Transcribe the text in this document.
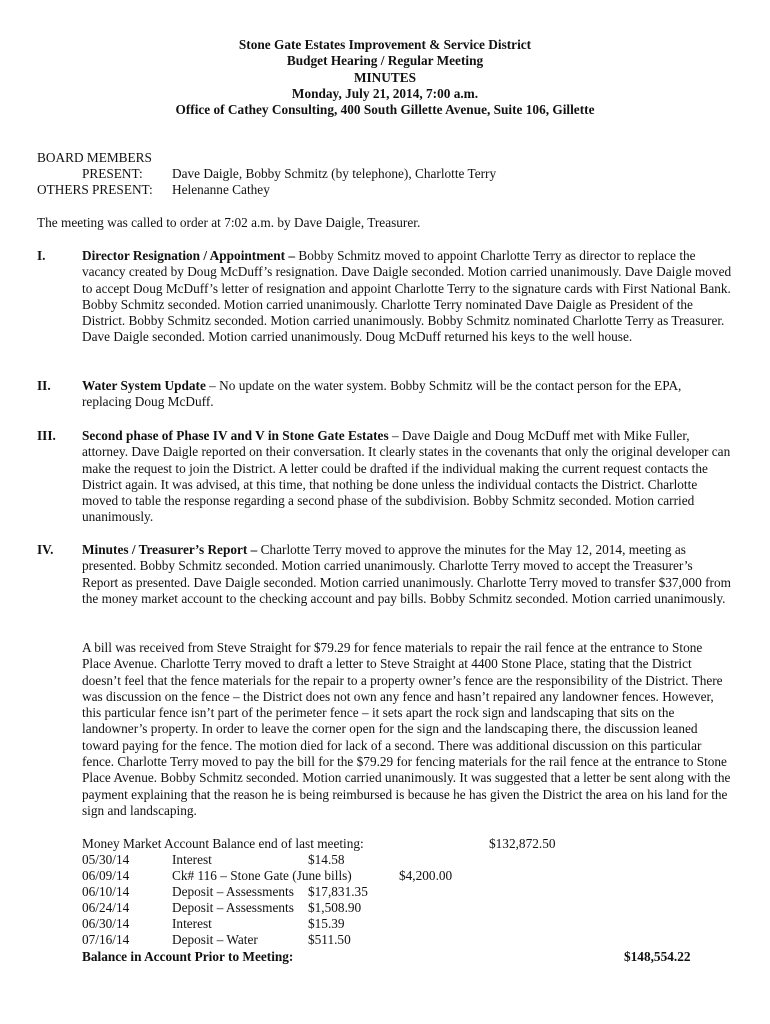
Stone Gate Estates Improvement & Service District
Budget Hearing / Regular Meeting
MINUTES
Monday, July 21, 2014, 7:00 a.m.
Office of Cathey Consulting, 400 South Gillette Avenue, Suite 106, Gillette
BOARD MEMBERS
PRESENT: Dave Daigle, Bobby Schmitz (by telephone), Charlotte Terry
OTHERS PRESENT: Helenanne Cathey
The meeting was called to order at 7:02 a.m. by Dave Daigle, Treasurer.
I.	Director Resignation / Appointment – Bobby Schmitz moved to appoint Charlotte Terry as director to replace the vacancy created by Doug McDuff’s resignation. Dave Daigle seconded. Motion carried unanimously. Dave Daigle moved to accept Doug McDuff’s letter of resignation and appoint Charlotte Terry to the signature cards with First National Bank. Bobby Schmitz seconded. Motion carried unanimously. Charlotte Terry nominated Dave Daigle as President of the District. Bobby Schmitz seconded. Motion carried unanimously. Bobby Schmitz nominated Charlotte Terry as Treasurer. Dave Daigle seconded. Motion carried unanimously. Doug McDuff returned his keys to the well house.

II. Water System Update – No update on the water system. Bobby Schmitz will be the contact person for the EPA, replacing Doug McDuff.

III. Second phase of Phase IV and V in Stone Gate Estates – Dave Daigle and Doug McDuff met with Mike Fuller, attorney. Dave Daigle reported on their conversation. It clearly states in the covenants that only the original developer can make the request to join the District. A letter could be drafted if the individual making the current request contacts the District again. It was advised, at this time, that nothing be done unless the individual contacts the District. Charlotte moved to table the response regarding a second phase of the subdivision. Bobby Schmitz seconded. Motion carried unanimously.

IV. Minutes / Treasurer’s Report – Charlotte Terry moved to approve the minutes for the May 12, 2014, meeting as presented. Bobby Schmitz seconded. Motion carried unanimously. Charlotte Terry moved to accept the Treasurer’s Report as presented. Dave Daigle seconded. Motion carried unanimously. Charlotte Terry moved to transfer $37,000 from the money market account to the checking account and pay bills. Bobby Schmitz seconded. Motion carried unanimously.

A bill was received from Steve Straight for $79.29 for fence materials to repair the rail fence at the entrance to Stone Place Avenue. Charlotte Terry moved to draft a letter to Steve Straight at 4400 Stone Place, stating that the District doesn’t feel that the fence materials for the repair to a property owner’s fence are the responsibility of the District. There was discussion on the fence – the District does not own any fence and hasn’t repaired any landowner fences. However, this particular fence isn’t part of the perimeter fence – it sets apart the rock sign and landscaping that sits on the landowner’s property. In order to leave the corner open for the sign and the landscaping there, the discussion leaned toward paying for the fence. The motion died for lack of a second. There was additional discussion on this particular fence. Charlotte Terry moved to pay the bill for the $79.29 for fencing materials for the rail fence at the entrance to Stone Place Avenue. Bobby Schmitz seconded. Motion carried unanimously. It was suggested that a letter be sent along with the payment explaining that the reason he is being reimbursed is because he has given the District the area on his land for the sign and landscaping.

Money Market Account Balance end of last meeting:	$132,872.50
05/30/14	Interest	$14.58
06/09/14	Ck# 116 – Stone Gate (June bills)	$4,200.00
06/10/14	Deposit – Assessments $17,831.35
06/24/14	Deposit – Assessments $1,508.90
06/30/14	Interest	$15.39
07/16/14	Deposit – Water	$511.50
Balance in Account Prior to Meeting:	$148,554.22
